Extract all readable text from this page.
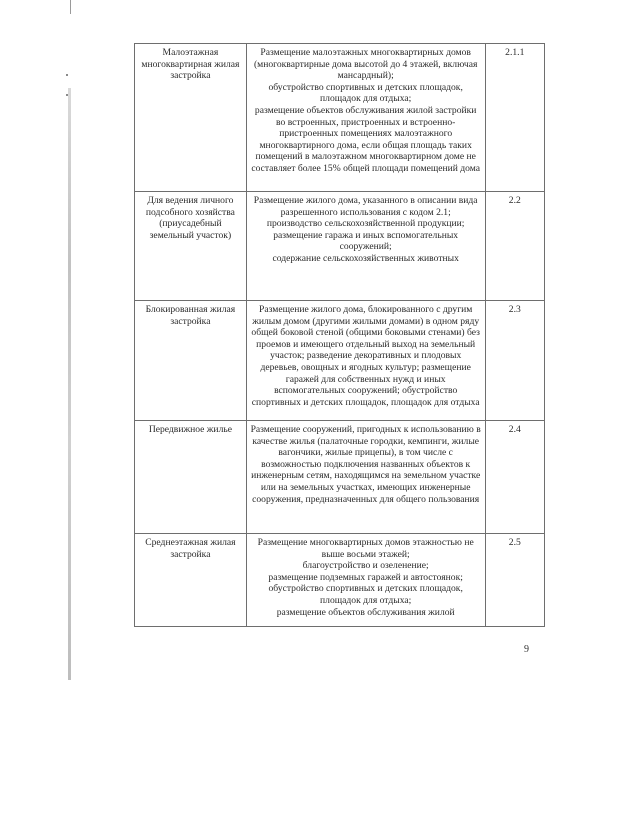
Малоэтажная многоквартирная жилая застройка	Размещение малоэтажных многоквартирных домов (многоквартирные дома высотой до 4 этажей, включая мансардный);
обустройство спортивных и детских площадок, площадок для отдыха;
размещение объектов обслуживания жилой застройки во встроенных, пристроенных и встроенно-пристроенных помещениях малоэтажного многоквартирного дома, если общая площадь таких помещений в малоэтажном многоквартирном доме не составляет более 15% общей площади помещений дома	2.1.1
Для ведения личного подсобного хозяйства (приусадебный земельный участок)	Размещение жилого дома, указанного в описании вида разрешенного использования с кодом 2.1;
производство сельскохозяйственной продукции;
размещение гаража и иных вспомогательных сооружений;
содержание сельскохозяйственных животных	2.2
Блокированная жилая застройка	Размещение жилого дома, блокированного с другим жилым домом (другими жилыми домами) в одном ряду общей боковой стеной (общими боковыми стенами) без проемов и имеющего отдельный выход на земельный участок; разведение декоративных и плодовых деревьев, овощных и ягодных культур; размещение гаражей для собственных нужд и иных вспомогательных сооружений; обустройство спортивных и детских площадок, площадок для отдыха	2.3
Передвижное жилье	Размещение сооружений, пригодных к использованию в качестве жилья (палаточные городки, кемпинги, жилые вагончики, жилые прицепы), в том числе с возможностью подключения названных объектов к инженерным сетям, находящимся на земельном участке или на земельных участках, имеющих инженерные сооружения, предназначенных для общего пользования	2.4
Среднеэтажная жилая застройка	Размещение многоквартирных домов этажностью не выше восьми этажей;
благоустройство и озеленение;
размещение подземных гаражей и автостоянок;
обустройство спортивных и детских площадок, площадок для отдыха;
размещение объектов обслуживания жилой	2.5
9
